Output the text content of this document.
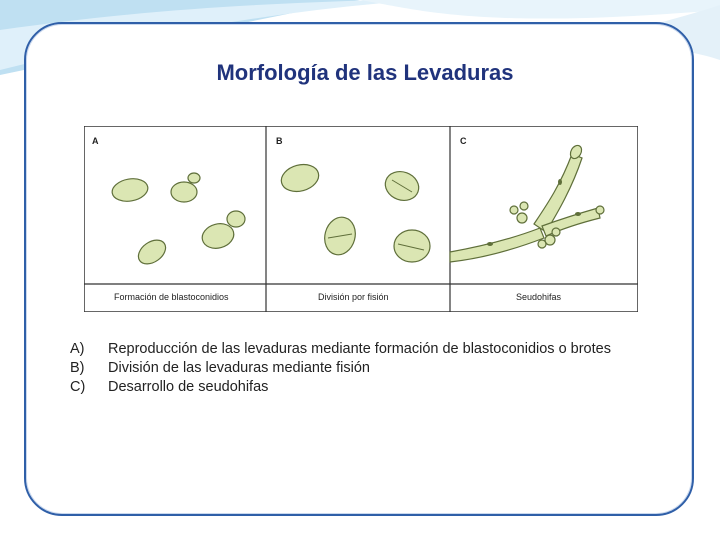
Morfología de las Levaduras
A
Formación de blastoconidios
B
División por fisión
C
Seudohifas
A)	Reproducción de las levaduras mediante formación de blastoconidios o brotes
B)	División de las levaduras mediante fisión
C)	Desarrollo de seudohifas
